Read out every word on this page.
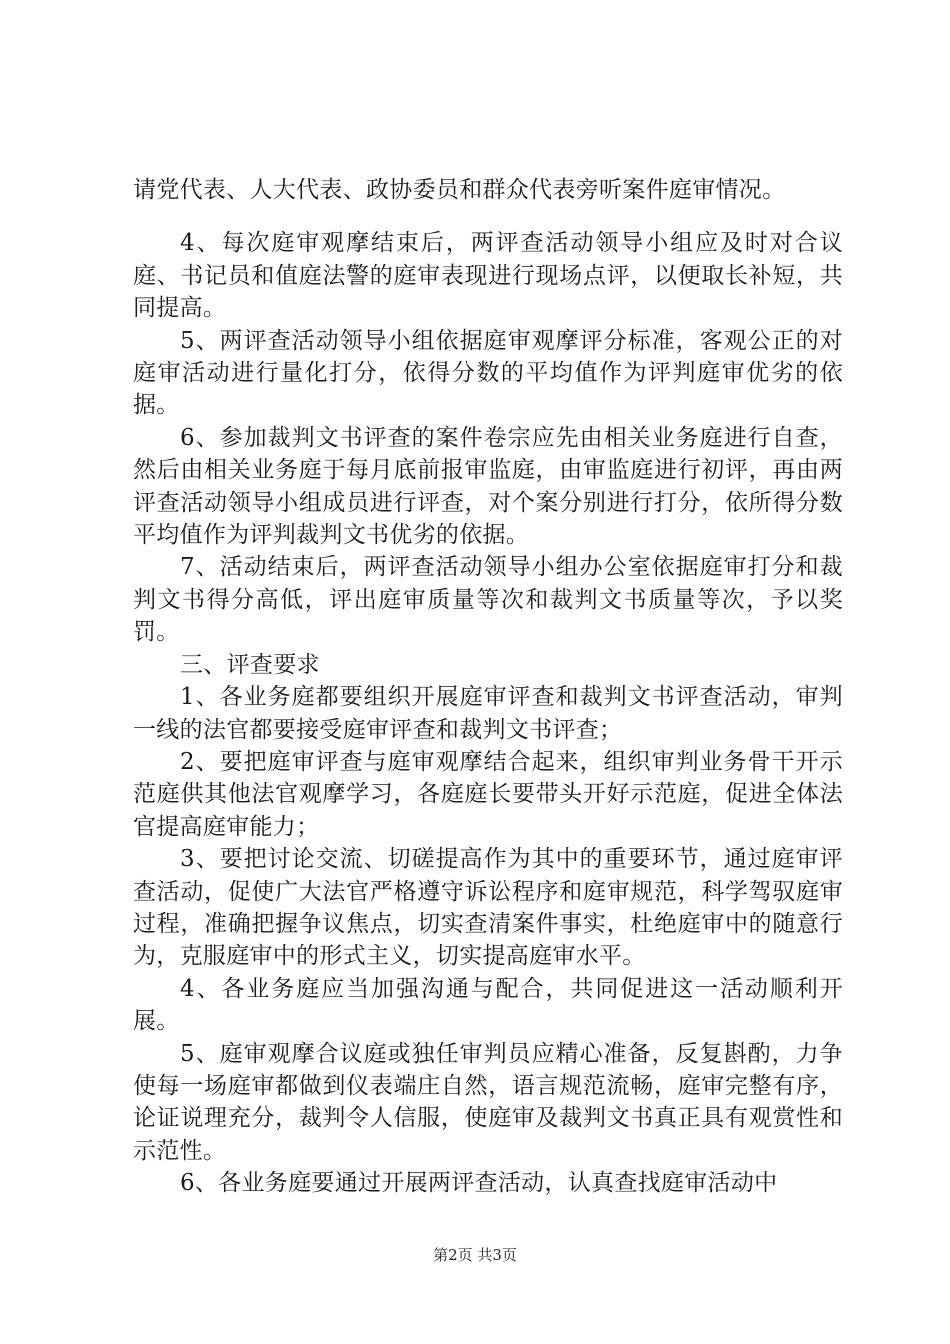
请党代表、人大代表、政协委员和群众代表旁听案件庭审情况。

4、每次庭审观摩结束后，两评查活动领导小组应及时对合议庭、书记员和值庭法警的庭审表现进行现场点评，以便取长补短，共同提高。

5、两评查活动领导小组依据庭审观摩评分标准，客观公正的对庭审活动进行量化打分，依得分数的平均值作为评判庭审优劣的依据。

6、参加裁判文书评查的案件卷宗应先由相关业务庭进行自查，然后由相关业务庭于每月底前报审监庭，由审监庭进行初评，再由两评查活动领导小组成员进行评查，对个案分别进行打分，依所得分数平均值作为评判裁判文书优劣的依据。

7、活动结束后，两评查活动领导小组办公室依据庭审打分和裁判文书得分高低，评出庭审质量等次和裁判文书质量等次，予以奖罚。

三、评查要求

1、各业务庭都要组织开展庭审评查和裁判文书评查活动，审判一线的法官都要接受庭审评查和裁判文书评查；

2、要把庭审评查与庭审观摩结合起来，组织审判业务骨干开示范庭供其他法官观摩学习，各庭庭长要带头开好示范庭，促进全体法官提高庭审能力；

3、要把讨论交流、切磋提高作为其中的重要环节，通过庭审评查活动，促使广大法官严格遵守诉讼程序和庭审规范，科学驾驭庭审过程，准确把握争议焦点，切实查清案件事实，杜绝庭审中的随意行为，克服庭审中的形式主义，切实提高庭审水平。

4、各业务庭应当加强沟通与配合，共同促进这一活动顺利开展。

5、庭审观摩合议庭或独任审判员应精心准备，反复斟酌，力争使每一场庭审都做到仪表端庄自然，语言规范流畅，庭审完整有序，论证说理充分，裁判令人信服，使庭审及裁判文书真正具有观赏性和示范性。

6、各业务庭要通过开展两评查活动，认真查找庭审活动中

第2页 共3页
